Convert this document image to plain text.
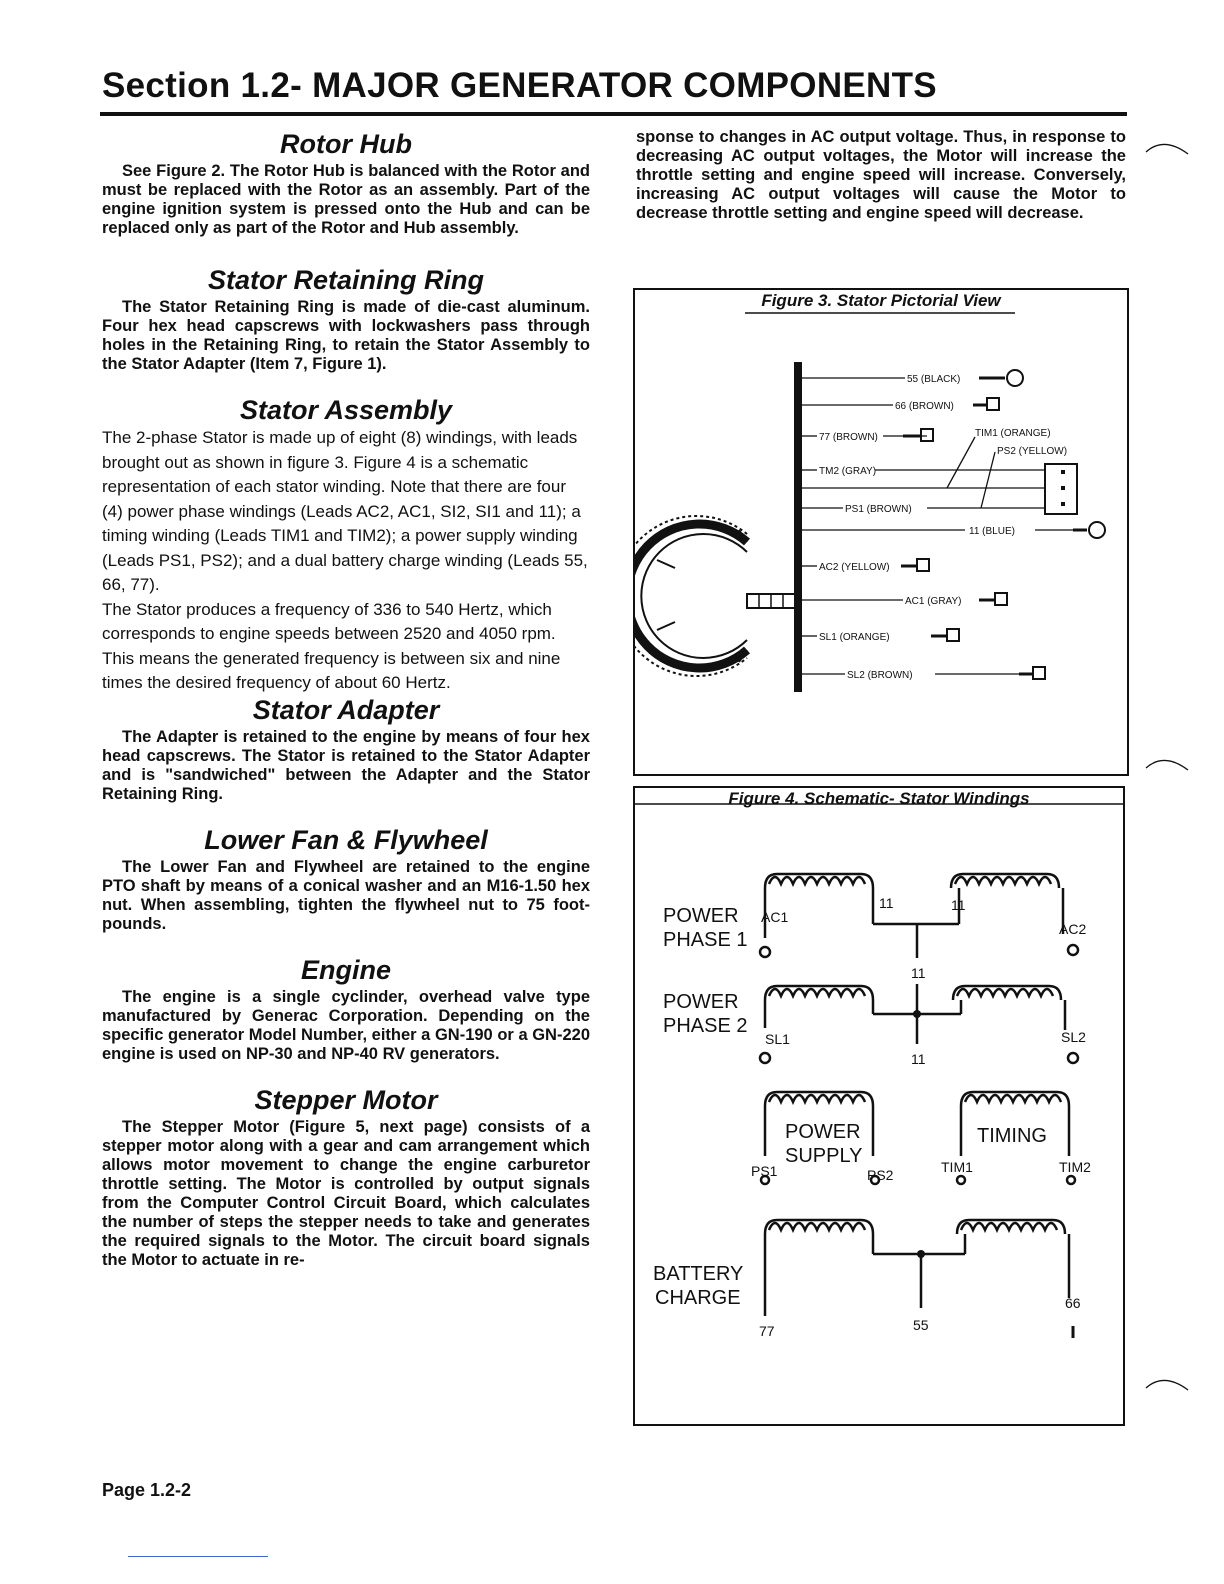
Section 1.2- MAJOR GENERATOR COMPONENTS
Rotor Hub

See Figure 2. The Rotor Hub is balanced with the Rotor and must be replaced with the Rotor as an assembly. Part of the engine ignition system is pressed onto the Hub and can be replaced only as part of the Rotor and Hub assembly.

Stator Retaining Ring

The Stator Retaining Ring is made of die-cast aluminum. Four hex head capscrews with lockwashers pass through holes in the Retaining Ring, to retain the Stator Assembly to the Stator Adapter (Item 7, Figure 1).

Stator Assembly

The 2-phase Stator is made up of eight (8) windings, with leads brought out as shown in figure 3. Figure 4 is a schematic representation of each stator winding. Note that there are four (4) power phase windings (Leads AC2, AC1, SI2, SI1 and 11); a timing winding (Leads TIM1 and TIM2); a power supply winding (Leads PS1, PS2); and a dual battery charge winding (Leads 55, 66, 77).

The Stator produces a frequency of 336 to 540 Hertz, which corresponds to engine speeds between 2520 and 4050 rpm. This means the generated frequency is between six and nine times the desired frequency of about 60 Hertz.

Stator Adapter

The Adapter is retained to the engine by means of four hex head capscrews. The Stator is retained to the Stator Adapter and is "sandwiched" between the Adapter and the Stator Retaining Ring.

Lower Fan & Flywheel

The Lower Fan and Flywheel are retained to the engine PTO shaft by means of a conical washer and an M16-1.50 hex nut. When assembling, tighten the flywheel nut to 75 foot-pounds.

Engine

The engine is a single cyclinder, overhead valve type manufactured by Generac Corporation. Depending on the specific generator Model Number, either a GN-190 or a GN-220 engine is used on NP-30 and NP-40 RV generators.

Stepper Motor

The Stepper Motor (Figure 5, next page) consists of a stepper motor along with a gear and cam arrangement which allows motor movement to change the engine carburetor throttle setting. The Motor is controlled by output signals from the Computer Control Circuit Board, which calculates the number of steps the stepper needs to take and generates the required signals to the Motor. The circuit board signals the Motor to actuate in re-

sponse to changes in AC output voltage. Thus, in response to decreasing AC output voltages, the Motor will increase the throttle setting and engine speed will increase. Conversely, increasing AC output voltages will cause the Motor to decrease throttle setting and engine speed will decrease.

Figure 3. Stator Pictorial View
55 (BLACK)
66 (BROWN)
77 (BROWN)	TIM1 (ORANGE)
PS2 (YELLOW)
TM2 (GRAY)
PS1 (BROWN)
11 (BLUE)
AC2 (YELLOW)
AC1 (GRAY)
SL1 (ORANGE)
SL2 (BROWN)
Figure 4. Schematic- Stator Windings
POWER
PHASE 1
POWER
PHASE 2
POWER
SUPPLY
TIMING
BATTERY
CHARGE
AC1
AC2
11	11
11
SL1	SL2
11
PS1	PS2	TIM1	TIM2
77	55
66
Page 1.2-2
